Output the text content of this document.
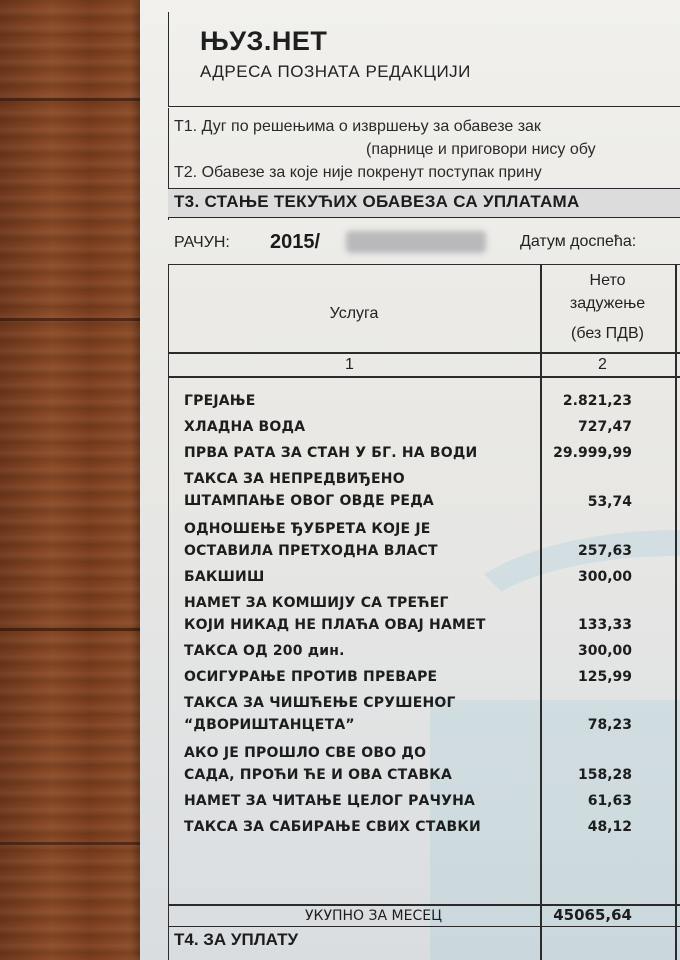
ЊУЗ.НЕТ
АДРЕСА ПОЗНАТА РЕДАКЦИЈИ
Т1. Дуг по решењима о извршењу за обавезе зак
(парнице и приговори нису обу
Т2. Обавезе за које није покренут поступак прину
Т3. СТАЊЕ ТЕКУЋИХ ОБАВЕЗА СА УПЛАТАМА
РАЧУН: 2015/	Датум доспећа:
Услуга
Нето
задужење
(без ПДВ)
1	2
ГРЕЈАЊЕ	2.821,23
ХЛАДНА ВОДА	727,47
ПРВА РАТА ЗА СТАН У БГ. НА ВОДИ	29.999,99
ТАКСА ЗА НЕПРЕДВИЂЕНО
ШТАМПАЊЕ ОВОГ ОВДЕ РЕДА	53,74
ОДНОШЕЊЕ ЂУБРЕТА КОЈЕ ЈЕ
ОСТАВИЛА ПРЕТХОДНА ВЛАСТ	257,63
БАКШИШ	300,00
НАМЕТ ЗА КОМШИЈУ СА ТРЕЋЕГ
КОЈИ НИКАД НЕ ПЛАЋА ОВАЈ НАМЕТ	133,33
ТАКСА ОД 200 дин.	300,00
ОСИГУРАЊЕ ПРОТИВ ПРЕВАРЕ	125,99
ТАКСА ЗА ЧИШЋЕЊЕ СРУШЕНОГ
“ДВОРИШТАНЦЕТА”	78,23
АКО ЈЕ ПРОШЛО СВЕ ОВО ДО
САДА, ПРОЋИ ЋЕ И ОВА СТАВКА	158,28
НАМЕТ ЗА ЧИТАЊЕ ЦЕЛОГ РАЧУНА	61,63
ТАКСА ЗА САБИРАЊЕ СВИХ СТАВКИ	48,12
УКУПНО ЗА МЕСЕЦ	45065,64
Т4. ЗА УПЛАТУ
